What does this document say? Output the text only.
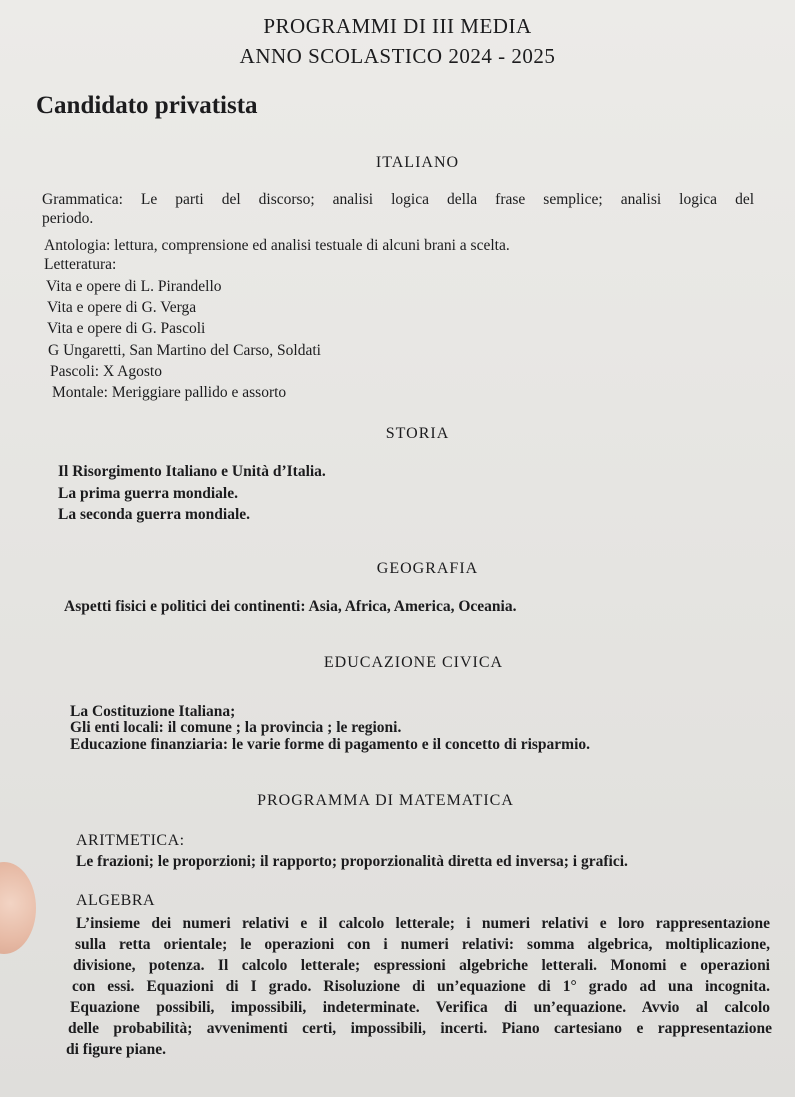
PROGRAMMI DI III MEDIA
ANNO SCOLASTICO 2024 - 2025
Candidato privatista
ITALIANO
Grammatica: Le parti del discorso; analisi logica della frase semplice; analisi logica del
periodo.
Antologia: lettura, comprensione ed analisi testuale di alcuni brani a scelta.
Letteratura:
Vita e opere di L. Pirandello
Vita e opere di G. Verga
Vita e opere di G. Pascoli
G Ungaretti, San Martino del Carso, Soldati
Pascoli: X Agosto
Montale: Meriggiare pallido e assorto
STORIA
Il Risorgimento Italiano e Unità d’Italia.
La prima guerra mondiale.
La seconda guerra mondiale.
GEOGRAFIA
Aspetti fisici e politici dei continenti: Asia, Africa, America, Oceania.
EDUCAZIONE CIVICA
La Costituzione Italiana;
Gli enti locali: il comune ; la provincia ; le regioni.
Educazione finanziaria: le varie forme di pagamento e il concetto di risparmio.
PROGRAMMA DI MATEMATICA
ARITMETICA:
Le frazioni; le proporzioni; il rapporto; proporzionalità diretta ed inversa; i grafici.
ALGEBRA
L’insieme dei numeri relativi e il calcolo letterale; i numeri relativi e loro rappresentazione
sulla retta orientale; le operazioni con i numeri relativi: somma algebrica, moltiplicazione,
divisione, potenza. Il calcolo letterale; espressioni algebriche letterali. Monomi e operazioni
con essi. Equazioni di I grado. Risoluzione di un’equazione di 1° grado ad una incognita.
Equazione possibili, impossibili, indeterminate. Verifica di un’equazione. Avvio al calcolo
delle probabilità; avvenimenti certi, impossibili, incerti. Piano cartesiano e rappresentazione
di figure piane.
